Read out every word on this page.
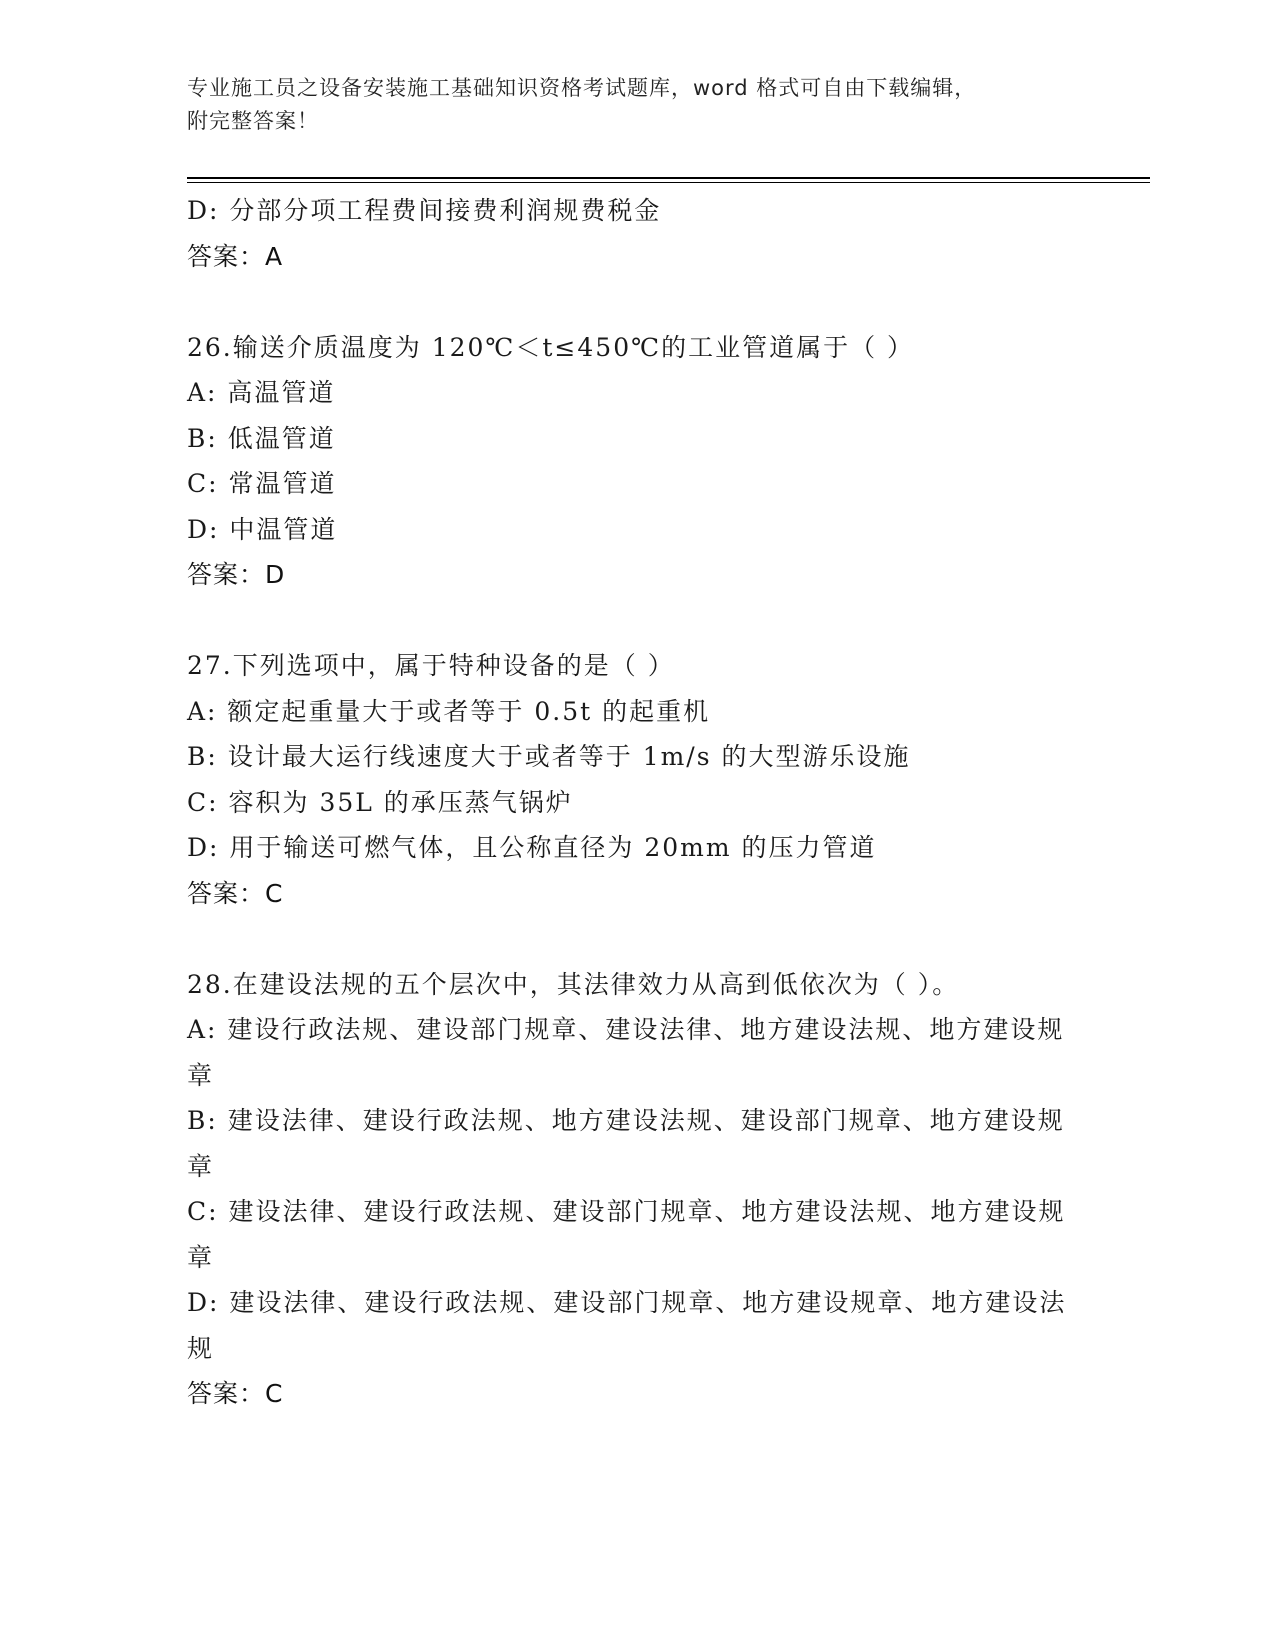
专业施工员之设备安装施工基础知识资格考试题库，word 格式可自由下载编辑，
附完整答案！
D: 分部分项工程费间接费利润规费税金
答案：A
26.输送介质温度为 120℃＜t≤450℃的工业管道属于（ ）
A: 高温管道
B: 低温管道
C: 常温管道
D: 中温管道
答案：D
27.下列选项中，属于特种设备的是（ ）
A: 额定起重量大于或者等于 0.5t 的起重机
B: 设计最大运行线速度大于或者等于 1m/s 的大型游乐设施
C: 容积为 35L 的承压蒸气锅炉
D: 用于输送可燃气体，且公称直径为 20mm 的压力管道
答案：C
28.在建设法规的五个层次中，其法律效力从高到低依次为（ ）。
A: 建设行政法规、建设部门规章、建设法律、地方建设法规、地方建设规章
B: 建设法律、建设行政法规、地方建设法规、建设部门规章、地方建设规章
C: 建设法律、建设行政法规、建设部门规章、地方建设法规、地方建设规章
D: 建设法律、建设行政法规、建设部门规章、地方建设规章、地方建设法规
答案：C
